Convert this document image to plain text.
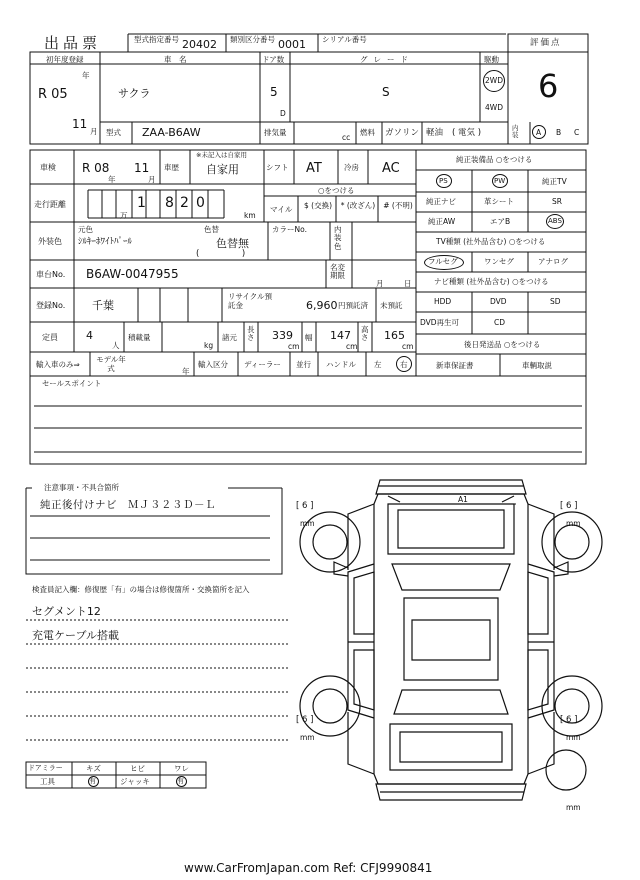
出品票	型式指定番号 20402 類別区分番号 0001 シリアル番号	評価点
6
初年度登録
年
R 05
11
月
車　名
サクラ
ドア数
5
D
グレード
S
駆動
2WD
4WD
型式 ZAA-B6AW	排気量
cc
燃料 ガソリン 軽油 ( 電気 )	内装	A B C
車検 R 08
年
11
月
車歴
※未記入は自家用
自家用	シフト AT	冷房 AC
走行距離
万
1 8 2 0
km
○をつける
マイル $ (交換) * (改ざん) # (不明)
外装色
元色
ｼﾙｷｰﾎﾜｲﾄﾊﾟｰﾙ
色替
色替無
(　　　　　)
カラーNo.	内装色
車台No. B6AW-0047955	名変期限
月	日
登録No. 千葉
リサイクル預託金	6,960 円預託済 未預託
定員	4
人
積載量
kg
諸元
長さ 339
cm
幅 147
cm
高さ 165
cm
輸入車のみ⇒
モデル年式	年
輸入区分 ディーラー 並行 ハンドル 左 右
純正装備品 ○をつける
PS	PW	純正TV
純正ナビ	革シート	SR
純正AW	エアB	ABS
TV種類 (社外品含む) ○をつける
フルセグ	ワンセグ	アナログ
ナビ種類 (社外品含む) ○をつける
HDD	DVD	SD
DVD再生可	CD
後日発送品 ○をつける
新車保証書	車輌取説
セールスポイント
注意事項・不具合箇所
純正後付けナビ　ＭＪ３２３Ｄ－Ｌ
検査員記入欄：修復歴「有」の場合は修復箇所・交換箇所を記入
セグメント12
充電ケーブル搭載
[ 6 ]
mm
[ 6 ]
mm
[ 6 ]
mm
[ 6 ]
mm
A1
mm
ドアミラー	キズ	ヒビ	ワレ
工具	有	ジャッキ	有
www.CarFromJapan.com Ref: CFJ9990841
